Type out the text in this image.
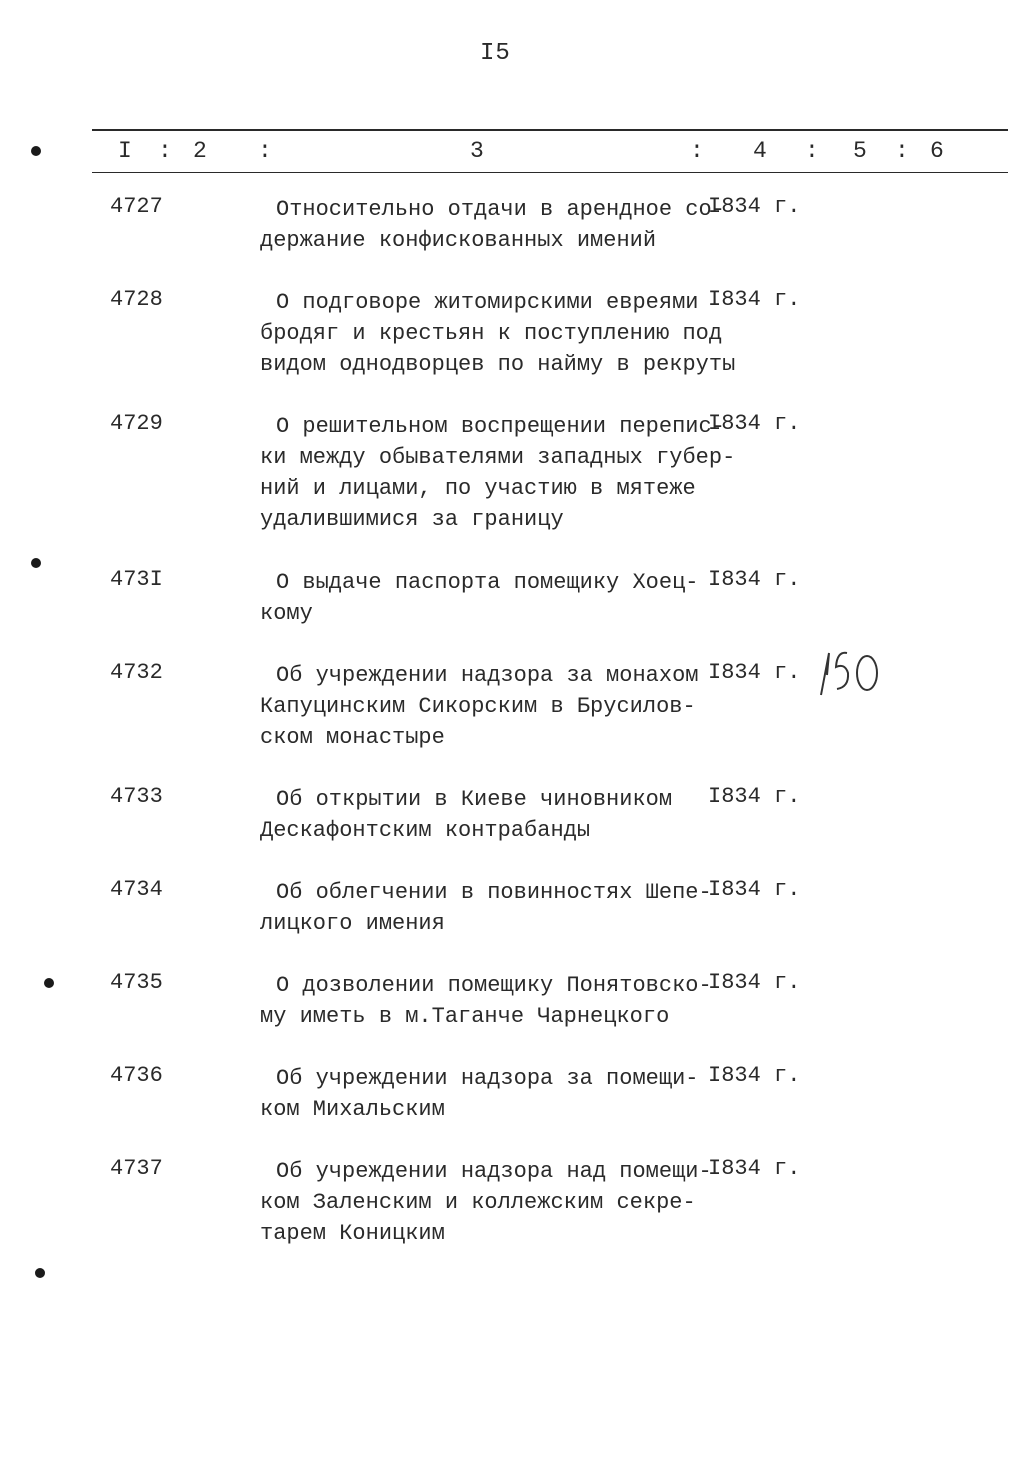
I5
I : 2 :	3	: 4 : 5 : 6
4727	Относительно отдачи в арендное со-
держание конфискованных имений
I834 г.
4728	О подговоре житомирскими евреями
бродяг и крестьян к поступлению под
видом однодворцев по найму в рекруты
I834 г.
4729	О решительном воспрещении перепис-
ки между обывателями западных губер-
ний и лицами, по участию в мятеже
удалившимися за границу
I834 г.
473I	О выдаче паспорта помещику Хоец-
кому
I834 г.
4732	Об учреждении надзора за монахом
Капуцинским Сикорским в Брусилов-
ском монастыре
I834 г.
4733	Об открытии в Киеве чиновником
Дескафонтским контрабанды
I834 г.
4734	Об облегчении в повинностях Шепе-
лицкого имения
I834 г.
4735	О дозволении помещику Понятовско-
му иметь в м.Таганче Чарнецкого
I834 г.
4736	Об учреждении надзора за помещи-
ком Михальским
I834 г.
4737	Об учреждении надзора над помещи-
ком Заленским и коллежским секре-
тарем Коницким
I834 г.
